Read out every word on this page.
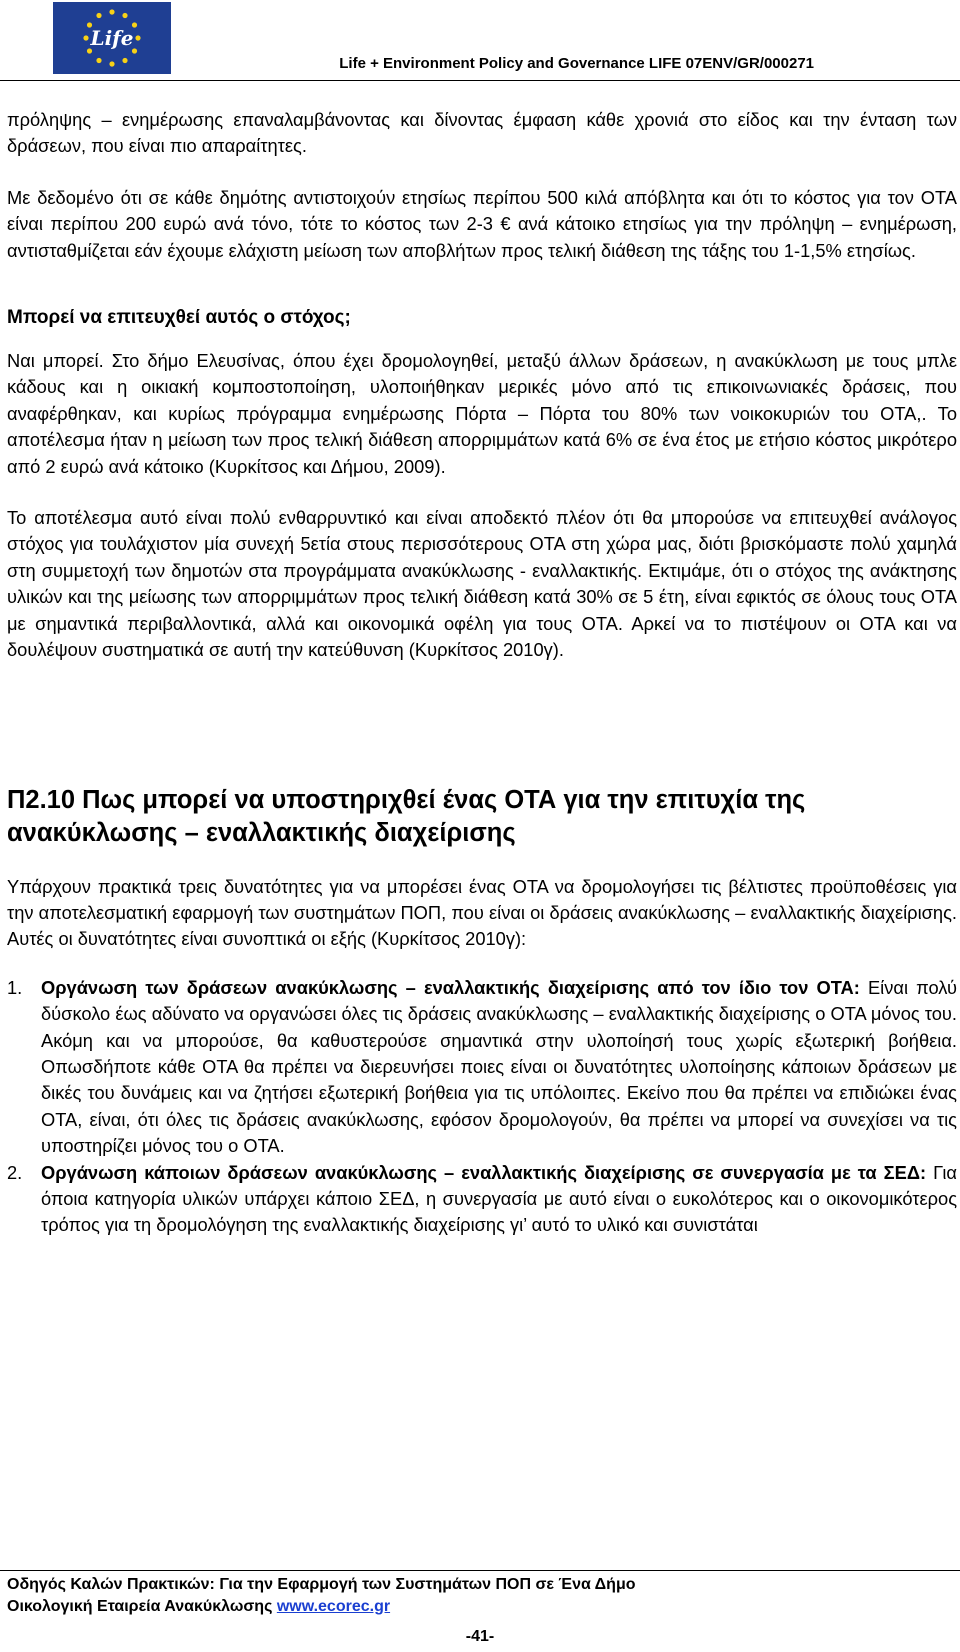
Life
Life + Environment Policy and Governance LIFE 07ENV/GR/000271

πρόληψης – ενημέρωσης επαναλαμβάνοντας και δίνοντας έμφαση κάθε χρονιά στο είδος και την ένταση των δράσεων, που είναι πιο απαραίτητες.

Με δεδομένο ότι σε κάθε δημότης αντιστοιχούν ετησίως περίπου 500 κιλά απόβλητα και ότι το κόστος για τον ΟΤΑ είναι περίπου 200 ευρώ ανά τόνο, τότε το κόστος των 2-3 € ανά κάτοικο ετησίως για την πρόληψη – ενημέρωση, αντισταθμίζεται εάν έχουμε ελάχιστη μείωση των αποβλήτων προς τελική διάθεση της τάξης του 1-1,5% ετησίως.

Μπορεί να επιτευχθεί αυτός ο στόχος;

Ναι μπορεί. Στο δήμο Ελευσίνας, όπου έχει δρομολογηθεί, μεταξύ άλλων δράσεων, η ανακύκλωση με τους μπλε κάδους και η οικιακή κομποστοποίηση, υλοποιήθηκαν μερικές μόνο από τις επικοινωνιακές δράσεις, που αναφέρθηκαν, και κυρίως πρόγραμμα ενημέρωσης Πόρτα – Πόρτα του 80% των νοικοκυριών του ΟΤΑ,. Το αποτέλεσμα ήταν η μείωση των προς τελική διάθεση απορριμμάτων κατά 6% σε ένα έτος με ετήσιο κόστος μικρότερο από 2 ευρώ ανά κάτοικο (Κυρκίτσος και Δήμου, 2009).

Το αποτέλεσμα αυτό είναι πολύ ενθαρρυντικό και είναι αποδεκτό πλέον ότι θα μπορούσε να επιτευχθεί ανάλογος στόχος για τουλάχιστον μία συνεχή 5ετία στους περισσότερους ΟΤΑ στη χώρα μας, διότι βρισκόμαστε πολύ χαμηλά στη συμμετοχή των δημοτών στα προγράμματα ανακύκλωσης - εναλλακτικής. Εκτιμάμε, ότι ο στόχος της ανάκτησης υλικών και της μείωσης των απορριμμάτων προς τελική διάθεση κατά 30% σε 5 έτη, είναι εφικτός σε όλους τους ΟΤΑ με σημαντικά περιβαλλοντικά, αλλά και οικονομικά οφέλη για τους ΟΤΑ. Αρκεί να το πιστέψουν οι ΟΤΑ και να δουλέψουν συστηματικά σε αυτή την κατεύθυνση (Κυρκίτσος 2010γ).

Π2.10 Πως μπορεί να υποστηριχθεί ένας ΟΤΑ για την επιτυχία της ανακύκλωσης – εναλλακτικής διαχείρισης

Υπάρχουν πρακτικά τρεις δυνατότητες για να μπορέσει ένας ΟΤΑ να δρομολογήσει τις βέλτιστες προϋποθέσεις για την αποτελεσματική εφαρμογή των συστημάτων ΠΟΠ, που είναι οι δράσεις ανακύκλωσης – εναλλακτικής διαχείρισης. Αυτές οι δυνατότητες είναι συνοπτικά οι εξής (Κυρκίτσος 2010γ):

1. Οργάνωση των δράσεων ανακύκλωσης – εναλλακτικής διαχείρισης από τον ίδιο τον ΟΤΑ: Είναι πολύ δύσκολο έως αδύνατο να οργανώσει όλες τις δράσεις ανακύκλωσης – εναλλακτικής διαχείρισης ο ΟΤΑ μόνος του. Ακόμη και να μπορούσε, θα καθυστερούσε σημαντικά στην υλοποίησή τους χωρίς εξωτερική βοήθεια. Οπωσδήποτε κάθε ΟΤΑ θα πρέπει να διερευνήσει ποιες είναι οι δυνατότητες υλοποίησης κάποιων δράσεων με δικές του δυνάμεις και να ζητήσει εξωτερική βοήθεια για τις υπόλοιπες. Εκείνο που θα πρέπει να επιδιώκει ένας ΟΤΑ, είναι, ότι όλες τις δράσεις ανακύκλωσης, εφόσον δρομολογούν, θα πρέπει να μπορεί να συνεχίσει να τις υποστηρίζει μόνος του ο ΟΤΑ.
2. Οργάνωση κάποιων δράσεων ανακύκλωσης – εναλλακτικής διαχείρισης σε συνεργασία με τα ΣΕΔ: Για όποια κατηγορία υλικών υπάρχει κάποιο ΣΕΔ, η συνεργασία με αυτό είναι ο ευκολότερος και ο οικονομικότερος τρόπος για τη δρομολόγηση της εναλλακτικής διαχείρισης γι’ αυτό το υλικό και συνιστάται
Οδηγός Καλών Πρακτικών: Για την Εφαρμογή των Συστημάτων ΠΟΠ σε Ένα Δήμο
Οικολογική Εταιρεία Ανακύκλωσης www.ecorec.gr
-41-
